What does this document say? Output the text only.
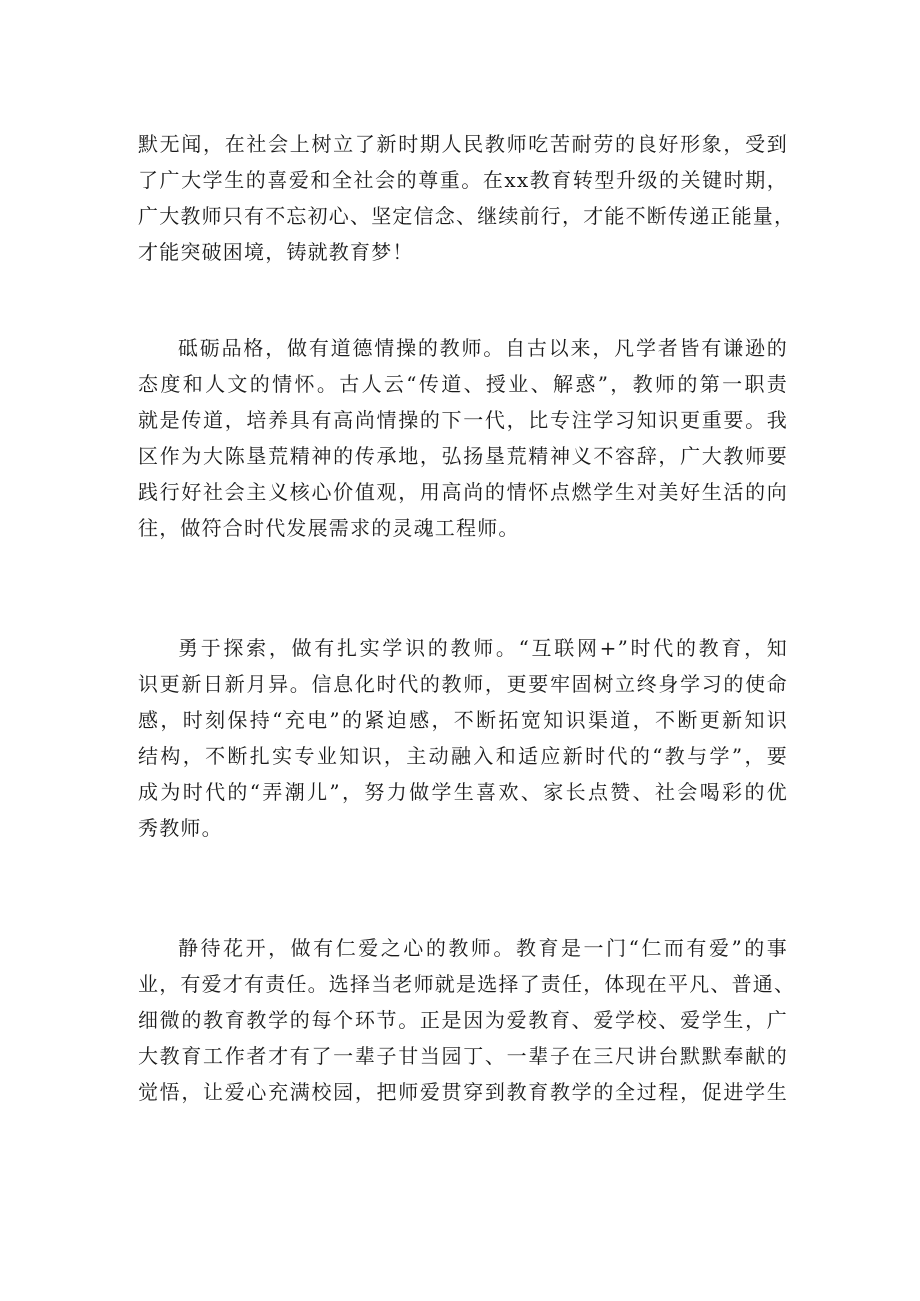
默无闻，在社会上树立了新时期人民教师吃苦耐劳的良好形象，受到
了广大学生的喜爱和全社会的尊重。在xx教育转型升级的关键时期，
广大教师只有不忘初心、坚定信念、继续前行，才能不断传递正能量，
才能突破困境，铸就教育梦！
砥砺品格，做有道德情操的教师。自古以来，凡学者皆有谦逊的
态度和人文的情怀。古人云“传道、授业、解惑”，教师的第一职责
就是传道，培养具有高尚情操的下一代，比专注学习知识更重要。我
区作为大陈垦荒精神的传承地，弘扬垦荒精神义不容辞，广大教师要
践行好社会主义核心价值观，用高尚的情怀点燃学生对美好生活的向
往，做符合时代发展需求的灵魂工程师。
勇于探索，做有扎实学识的教师。“互联网+”时代的教育，知
识更新日新月异。信息化时代的教师，更要牢固树立终身学习的使命
感，时刻保持“充电”的紧迫感，不断拓宽知识渠道，不断更新知识
结构，不断扎实专业知识，主动融入和适应新时代的“教与学”，要
成为时代的“弄潮儿”，努力做学生喜欢、家长点赞、社会喝彩的优
秀教师。
静待花开，做有仁爱之心的教师。教育是一门“仁而有爱”的事
业，有爱才有责任。选择当老师就是选择了责任，体现在平凡、普通、
细微的教育教学的每个环节。正是因为爱教育、爱学校、爱学生，广
大教育工作者才有了一辈子甘当园丁、一辈子在三尺讲台默默奉献的
觉悟，让爱心充满校园，把师爱贯穿到教育教学的全过程，促进学生
